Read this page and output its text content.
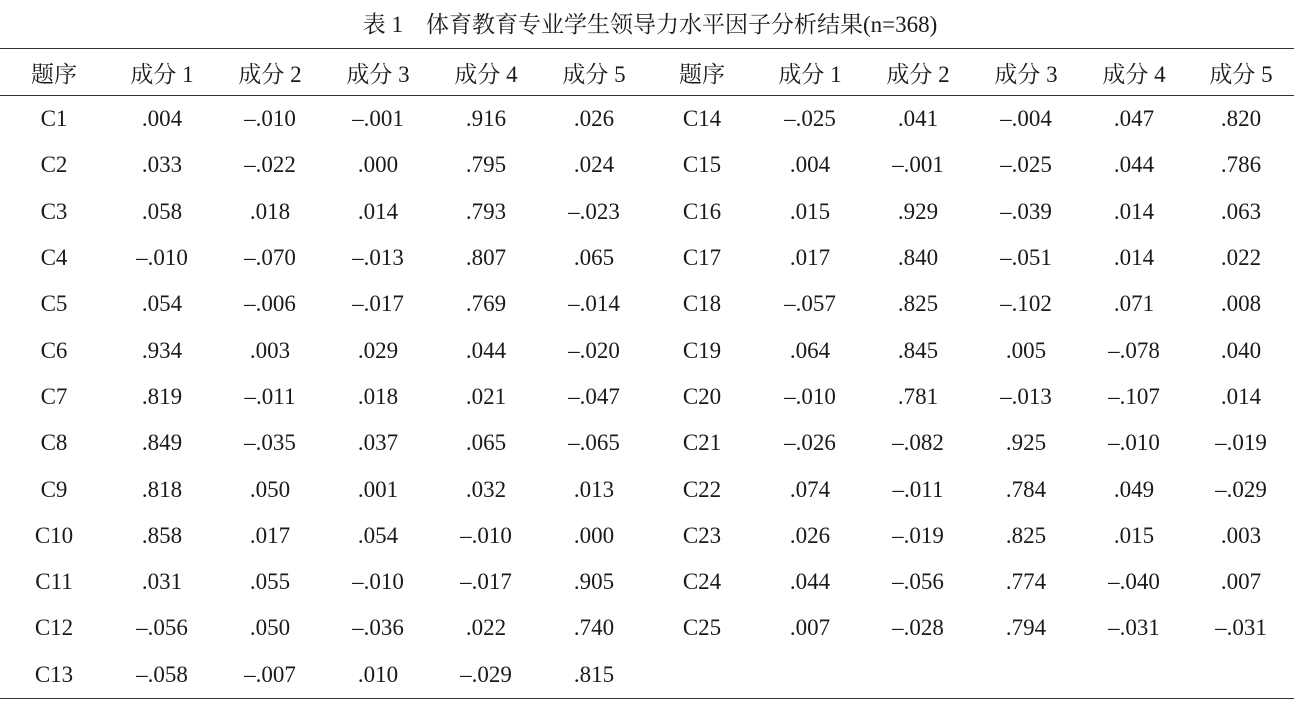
表 1　体育教育专业学生领导力水平因子分析结果(n=368)
题序	成分 1	成分 2	成分 3	成分 4	成分 5	题序	成分 1	成分 2	成分 3	成分 4	成分 5
C1	.004	–.010	–.001	.916	.026	C14	–.025	.041	–.004	.047	.820
C2	.033	–.022	.000	.795	.024	C15	.004	–.001	–.025	.044	.786
C3	.058	.018	.014	.793	–.023	C16	.015	.929	–.039	.014	.063
C4	–.010	–.070	–.013	.807	.065	C17	.017	.840	–.051	.014	.022
C5	.054	–.006	–.017	.769	–.014	C18	–.057	.825	–.102	.071	.008
C6	.934	.003	.029	.044	–.020	C19	.064	.845	.005	–.078	.040
C7	.819	–.011	.018	.021	–.047	C20	–.010	.781	–.013	–.107	.014
C8	.849	–.035	.037	.065	–.065	C21	–.026	–.082	.925	–.010	–.019
C9	.818	.050	.001	.032	.013	C22	.074	–.011	.784	.049	–.029
C10	.858	.017	.054	–.010	.000	C23	.026	–.019	.825	.015	.003
C11	.031	.055	–.010	–.017	.905	C24	.044	–.056	.774	–.040	.007
C12	–.056	.050	–.036	.022	.740	C25	.007	–.028	.794	–.031	–.031
C13	–.058	–.007	.010	–.029	.815						
